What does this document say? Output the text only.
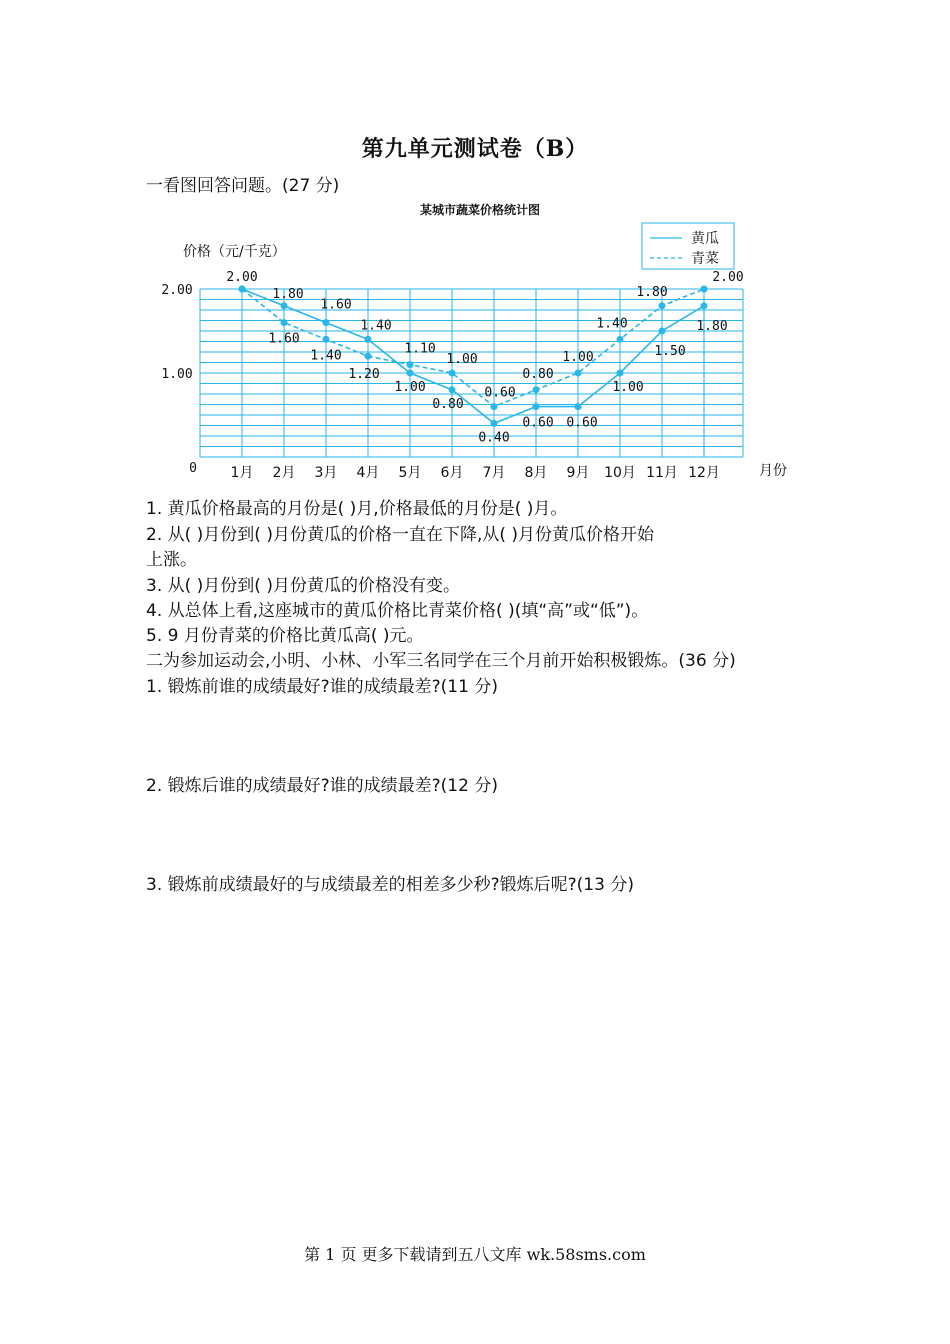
第九单元测试卷（B）
一看图回答问题。(27 分)
某城市蔬菜价格统计图
价格（元/千克）
1.00
2.00
0 1月 2月 3月 4月 5月 6月 7月 8月 9月 10月 11月 12月	月份
黄瓜
青菜
2.00
1.80
1.60
1.40
1.00
0.80
0.40
0.60 0.60
1.00
1.50
1.80
1.60
1.40
1.20
1.10
1.00
0.60
0.80
1.00
1.40
1.80
2.00
1. 黄瓜价格最高的月份是( )月,价格最低的月份是( )月。
2. 从( )月份到( )月份黄瓜的价格一直在下降,从( )月份黄瓜价格开始
上涨。
3. 从( )月份到( )月份黄瓜的价格没有变。
4. 从总体上看,这座城市的黄瓜价格比青菜价格( )(填“高”或“低”)。
5. 9 月份青菜的价格比黄瓜高( )元。
二为参加运动会,小明、小林、小军三名同学在三个月前开始积极锻炼。(36 分)
1. 锻炼前谁的成绩最好?谁的成绩最差?(11 分)
2. 锻炼后谁的成绩最好?谁的成绩最差?(12 分)
3. 锻炼前成绩最好的与成绩最差的相差多少秒?锻炼后呢?(13 分)
第 1 页 更多下载请到五八文库 wk.58sms.com
